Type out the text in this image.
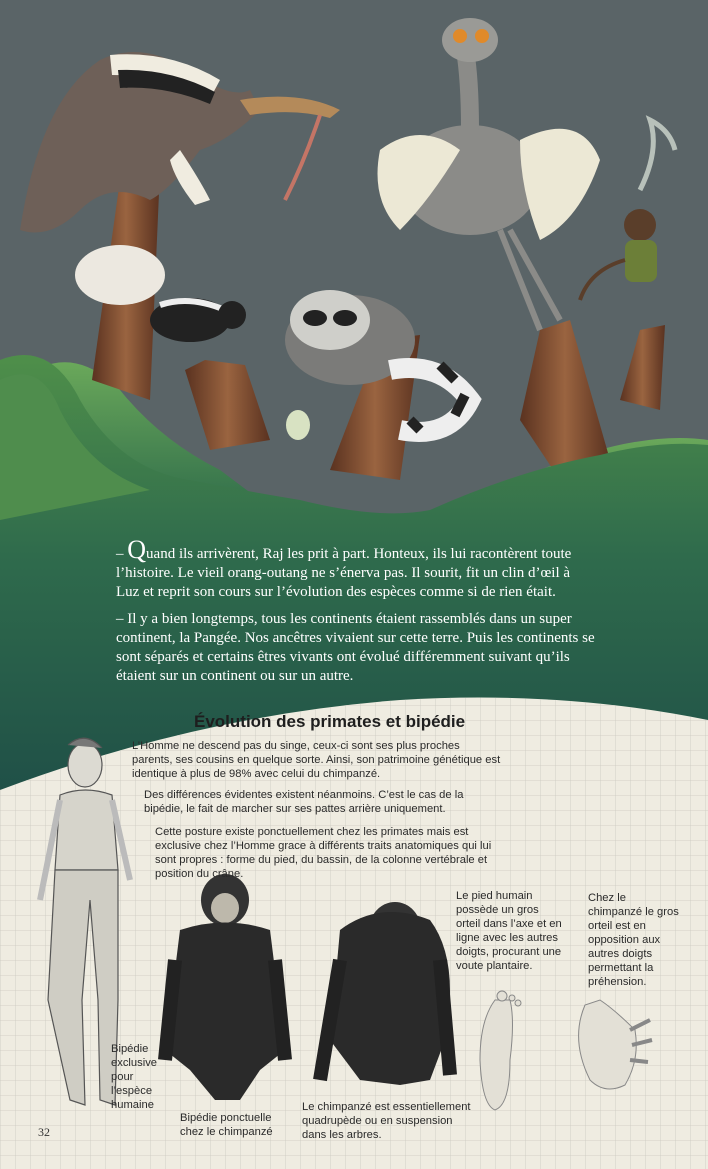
– Quand ils arrivèrent, Raj les prit à part. Honteux, ils lui racontèrent toute l’histoire. Le vieil orang-outang ne s’énerva pas. Il sourit, fit un clin d’œil à Luz et reprit son cours sur l’évolution des espèces comme si de rien était.

– Il y a bien longtemps, tous les continents étaient rassemblés dans un super continent, la Pangée. Nos ancêtres vivaient sur cette terre. Puis les continents se sont séparés et certains êtres vivants ont évolué différemment suivant qu’ils étaient sur un continent ou sur un autre.

Évolution des primates et bipédie
L’Homme ne descend pas du singe, ceux-ci sont ses plus proches parents, ses cousins en quelque sorte. Ainsi, son patrimoine génétique est identique à plus de 98% avec celui du chimpanzé.
Des différences évidentes existent néanmoins. C’est le cas de la bipédie, le fait de marcher sur ses pattes arrière uniquement.
Cette posture existe ponctuellement chez les primates mais est exclusive chez l’Homme grace à différents traits anatomiques qui lui sont propres : forme du pied, du bassin, de la colonne vertébrale et position du crâne.
Le pied humain possède un gros orteil dans l’axe et en ligne avec les autres doigts, procurant une voute plantaire.
Chez le chimpanzé le gros orteil est en opposition aux autres doigts permettant la préhension.
Bipédie exclusive pour l’espèce humaine
Bipédie ponctuelle chez le chimpanzé
Le chimpanzé est essentiellement quadrupède ou en suspension dans les arbres.
32
